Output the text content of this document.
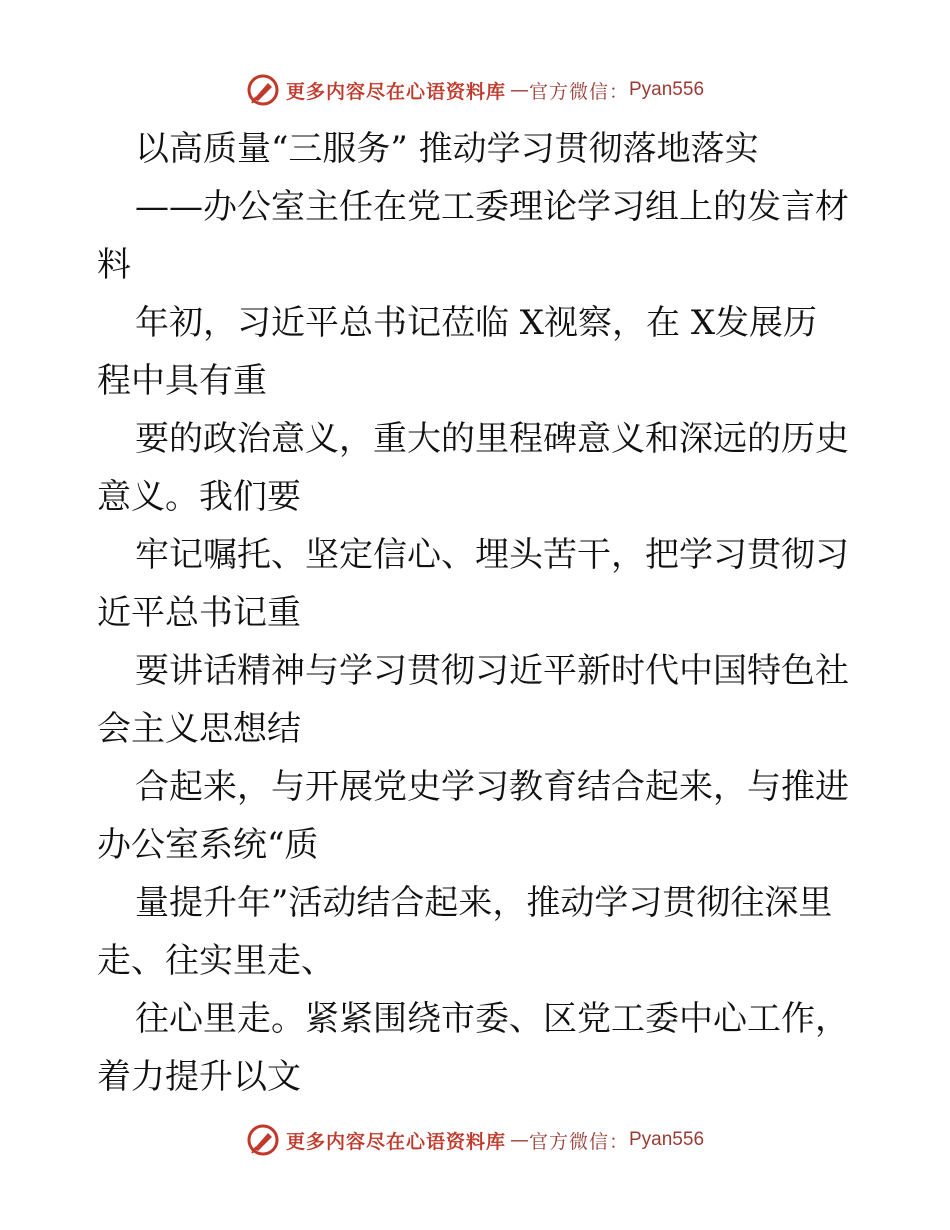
更多内容尽在心语资料库 — 官方微信： Pyan556
以高质量“三服务” 推动学习贯彻落地落实
——办公室主任在党工委理论学习组上的发言材
料
年初，习近平总书记莅临 X视察，在 X发展历
程中具有重
要的政治意义，重大的里程碑意义和深远的历史
意义。我们要
牢记嘱托、坚定信心、埋头苦干，把学习贯彻习
近平总书记重
要讲话精神与学习贯彻习近平新时代中国特色社
会主义思想结
合起来，与开展党史学习教育结合起来，与推进
办公室系统“质
量提升年”活动结合起来，推动学习贯彻往深里
走、往实里走、
往心里走。紧紧围绕市委、区党工委中心工作，
着力提升以文
更多内容尽在心语资料库 — 官方微信： Pyan556
